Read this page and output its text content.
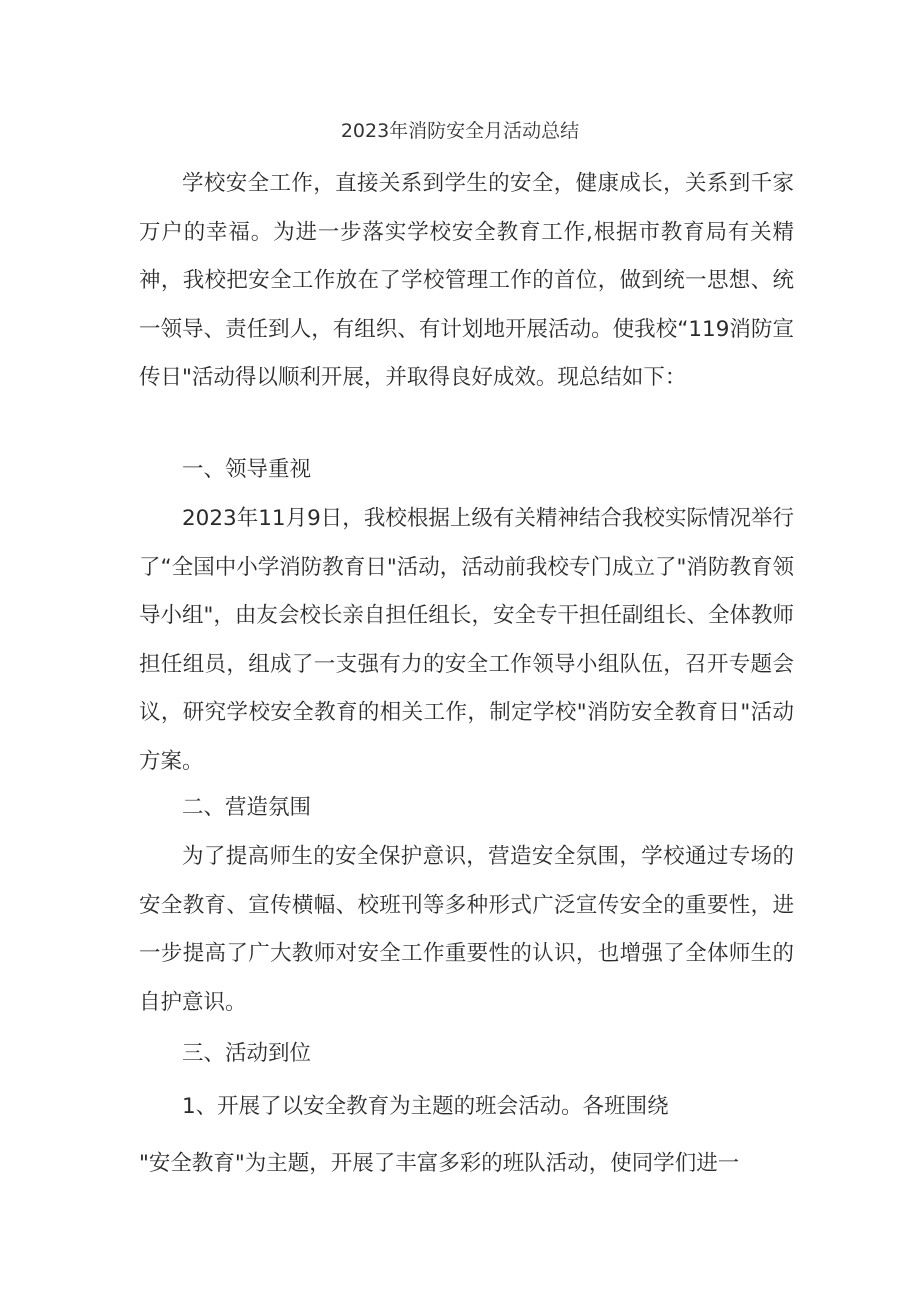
2023年消防安全月活动总结

学校安全工作，直接关系到学生的安全，健康成长，关系到千家万户的幸福。为进一步落实学校安全教育工作,根据市教育局有关精神，我校把安全工作放在了学校管理工作的首位，做到统一思想、统一领导、责任到人，有组织、有计划地开展活动。使我校“119消防宣传日"活动得以顺利开展，并取得良好成效。现总结如下：

一、领导重视

2023年11月9日，我校根据上级有关精神结合我校实际情况举行了“全国中小学消防教育日"活动，活动前我校专门成立了"消防教育领导小组"，由友会校长亲自担任组长，安全专干担任副组长、全体教师担任组员，组成了一支强有力的安全工作领导小组队伍，召开专题会议，研究学校安全教育的相关工作，制定学校"消防安全教育日"活动方案。

二、营造氛围

为了提高师生的安全保护意识，营造安全氛围，学校通过专场的安全教育、宣传横幅、校班刊等多种形式广泛宣传安全的重要性，进一步提高了广大教师对安全工作重要性的认识，也增强了全体师生的自护意识。

三、活动到位

1、开展了以安全教育为主题的班会活动。各班围绕

"安全教育"为主题，开展了丰富多彩的班队活动，使同学们进一
